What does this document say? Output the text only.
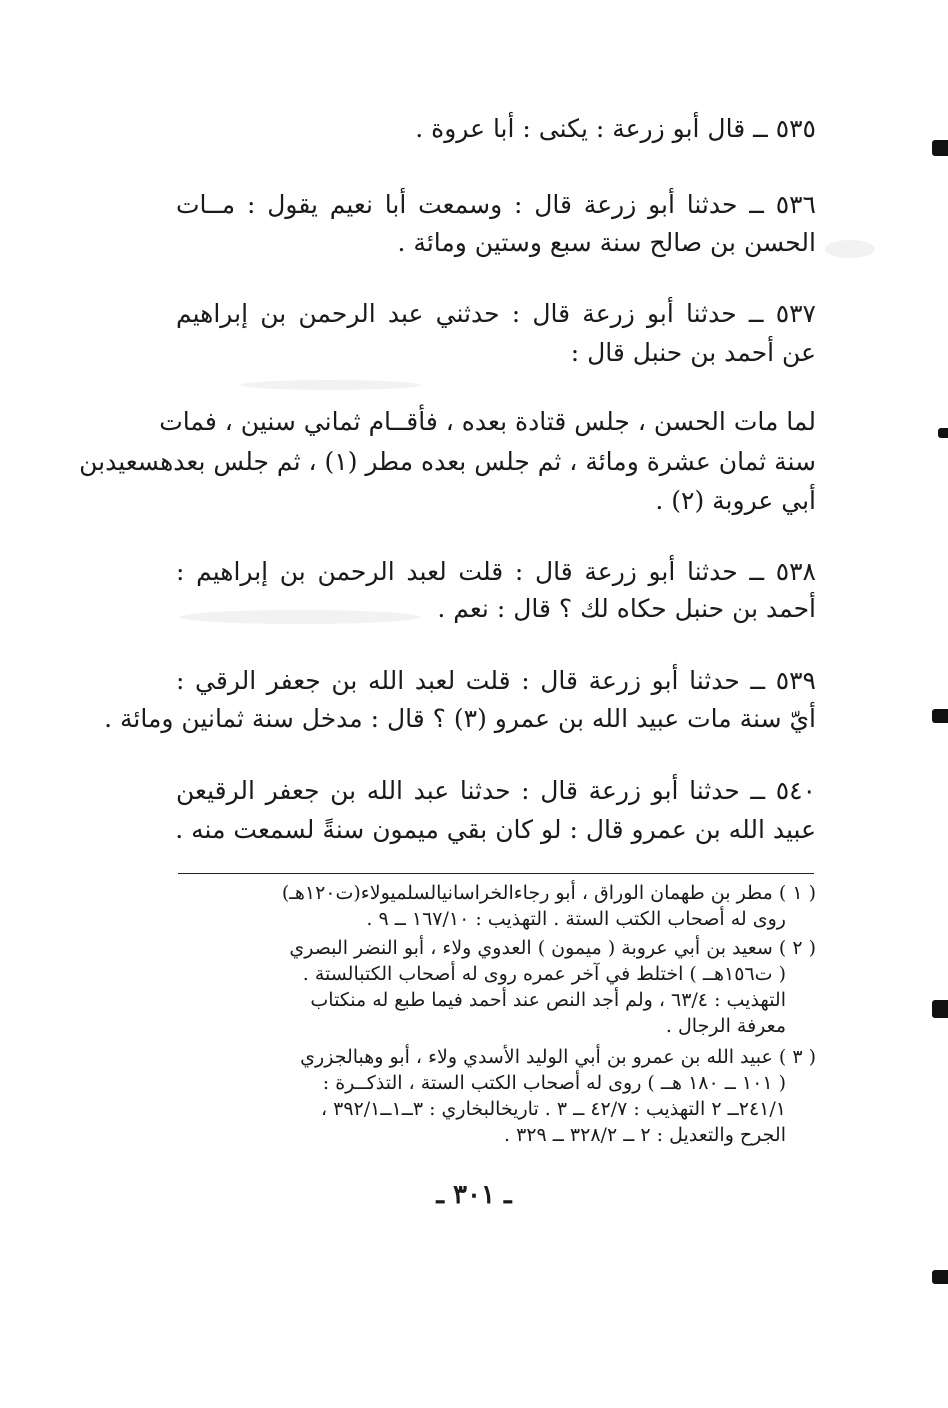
٥٣٥ ــ قال أبو زرعة : يكنى : أبا عروة .
٥٣٦ ــ حدثنا أبو زرعة قال : وسمعت أبا نعيم يقول : مــات
الحسن بن صالح سنة سبع وستين ومائة .
٥٣٧ ــ حدثنا أبو زرعة قال : حدثني عبد الرحمن بن إبراهيم
عن أحمد بن حنبل قال :
لما مات الحسن ، جلس قتادة بعده ، فأقــام ثماني سنين ، فمات
سنة ثمان عشرة ومائة ، ثم جلس بعده مطر (١) ، ثم جلس بعدهسعيدبن
أبي عروبة (٢) .
٥٣٨ ــ حدثنا أبو زرعة قال : قلت لعبد الرحمن بن إبراهيم :
أحمد بن حنبل حكاه لك ؟ قال : نعم .
٥٣٩ ــ حدثنا أبو زرعة قال : قلت لعبد الله بن جعفر الرقي :
أيّ سنة مات عبيد الله بن عمرو (٣) ؟ قال : مدخل سنة ثمانين ومائة .
٥٤٠ ــ حدثنا أبو زرعة قال : حدثنا عبد الله بن جعفر الرقيعن
عبيد الله بن عمرو قال : لو كان بقي ميمون سنةً لسمعت منه .
( ١ ) مطر بن طهمان الوراق ، أبو رجاءالخراسانيالسلميولاء(ت١٢٠هـ)
روى له أصحاب الكتب الستة . التهذيب : ١٦٧/١٠ ــ ٩ .
( ٢ ) سعيد بن أبي عروبة ( ميمون ) العدوي ولاء ، أبو النضر البصري
( ت١٥٦هــ ) اختلط في آخر عمره روى له أصحاب الكتبالستة .
التهذيب : ٦٣/٤ ، ولم أجد النص عند أحمد فيما طبع له منكتاب
معرفة الرجال .
( ٣ ) عبيد الله بن عمرو بن أبي الوليد الأسدي ولاء ، أبو وهبالجزري
( ١٠١ ــ ١٨٠ هــ ) روى له أصحاب الكتب الستة ، التذكــرة :
٢٤١/١ــ ٢ التهذيب : ٤٢/٧ ــ ٣ . تاريخالبخاري : ٣ــ١ــ٣٩٢/١ ،
الجرح والتعديل : ٢ ــ ٣٢٨/٢ ــ ٣٢٩ .
ـ ٣٠١ ـ
